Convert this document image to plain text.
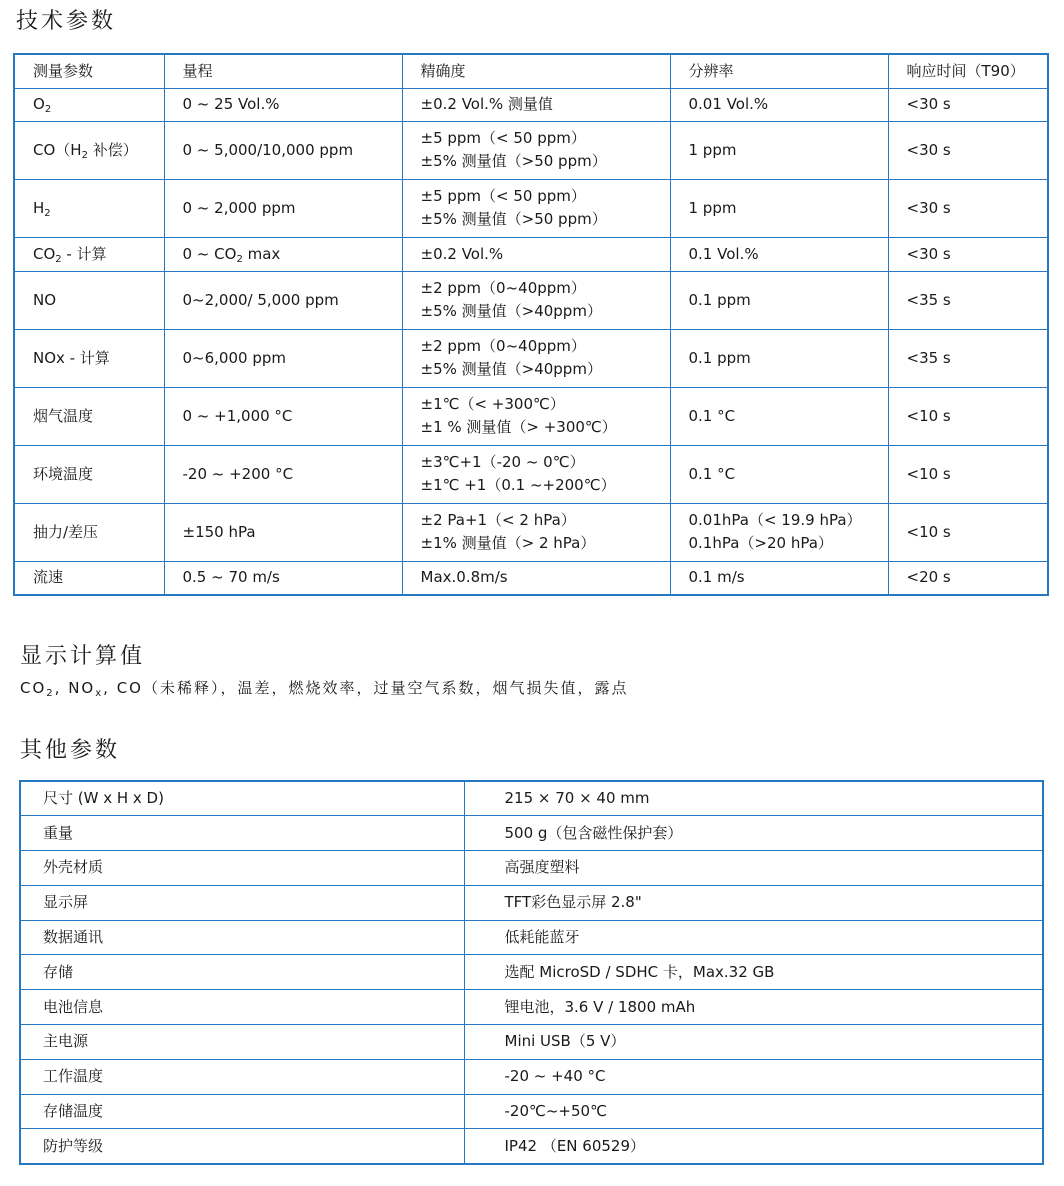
技术参数
测量参数	量程	精确度	分辨率	响应时间（T90）

$O_2$	0 ~ 25 Vol.%	±0.2 Vol.% 测量值	0.01 Vol.%	<30 s

$CO(H_2$ 补偿）	0 ~ 5,000/10,000 ppm	±5 ppm（< 50 ppm）
±5% 测量值（>50 ppm）	1 ppm	<30 s

$H_2$	0 ~ 2,000 ppm	±5 ppm（< 50 ppm）
±5% 测量值（>50 ppm）	1 ppm	<30 s

$CO_2$ - 计算	0 ~ $CO_2$ max	±0.2 Vol.%	0.1 Vol.%	<30 s

NO	0~2,000/ 5,000 ppm	±2 ppm（0~40ppm）
±5% 测量值（>40ppm）	0.1 ppm	<35 s

NOx - 计算	0~6,000 ppm	±2 ppm（0~40ppm）
±5% 测量值（>40ppm）	0.1 ppm	<35 s

烟气温度	0 ~ +1,000 °C	±1℃（< +300℃）
±1 % 测量值（> +300℃）	0.1 °C	<10 s

环境温度	-20 ~ +200 °C	±3℃+1（-20 ~ 0℃）
±1℃ +1（0.1 ~+200℃）	0.1 °C	<10 s

抽力/差压	±150 hPa	±2 Pa+1（< 2 hPa）
±1% 测量值（> 2 hPa）	0.01hPa（< 19.9 hPa）
0.1hPa（>20 hPa）	<10 s

流速	0.5 ~ 70 m/s	Max.0.8m/s	0.1 m/s	<20 s
显示计算值
$CO_2$, $NO_x$, CO（未稀释），温差，燃烧效率，过量空气系数，烟气损失值，露点
其他参数
尺寸 (W x H x D)	215 × 70 × 40 mm
重量	500 g（包含磁性保护套）
外壳材质	高强度塑料
显示屏	TFT彩色显示屏 2.8"
数据通讯	低耗能蓝牙
存储	选配 MicroSD / SDHC 卡，Max.32 GB
电池信息	锂电池，3.6 V / 1800 mAh
主电源	Mini USB（5 V）
工作温度	-20 ~ +40 °C
存储温度	-20℃~+50℃
防护等级	IP42 （EN 60529）
